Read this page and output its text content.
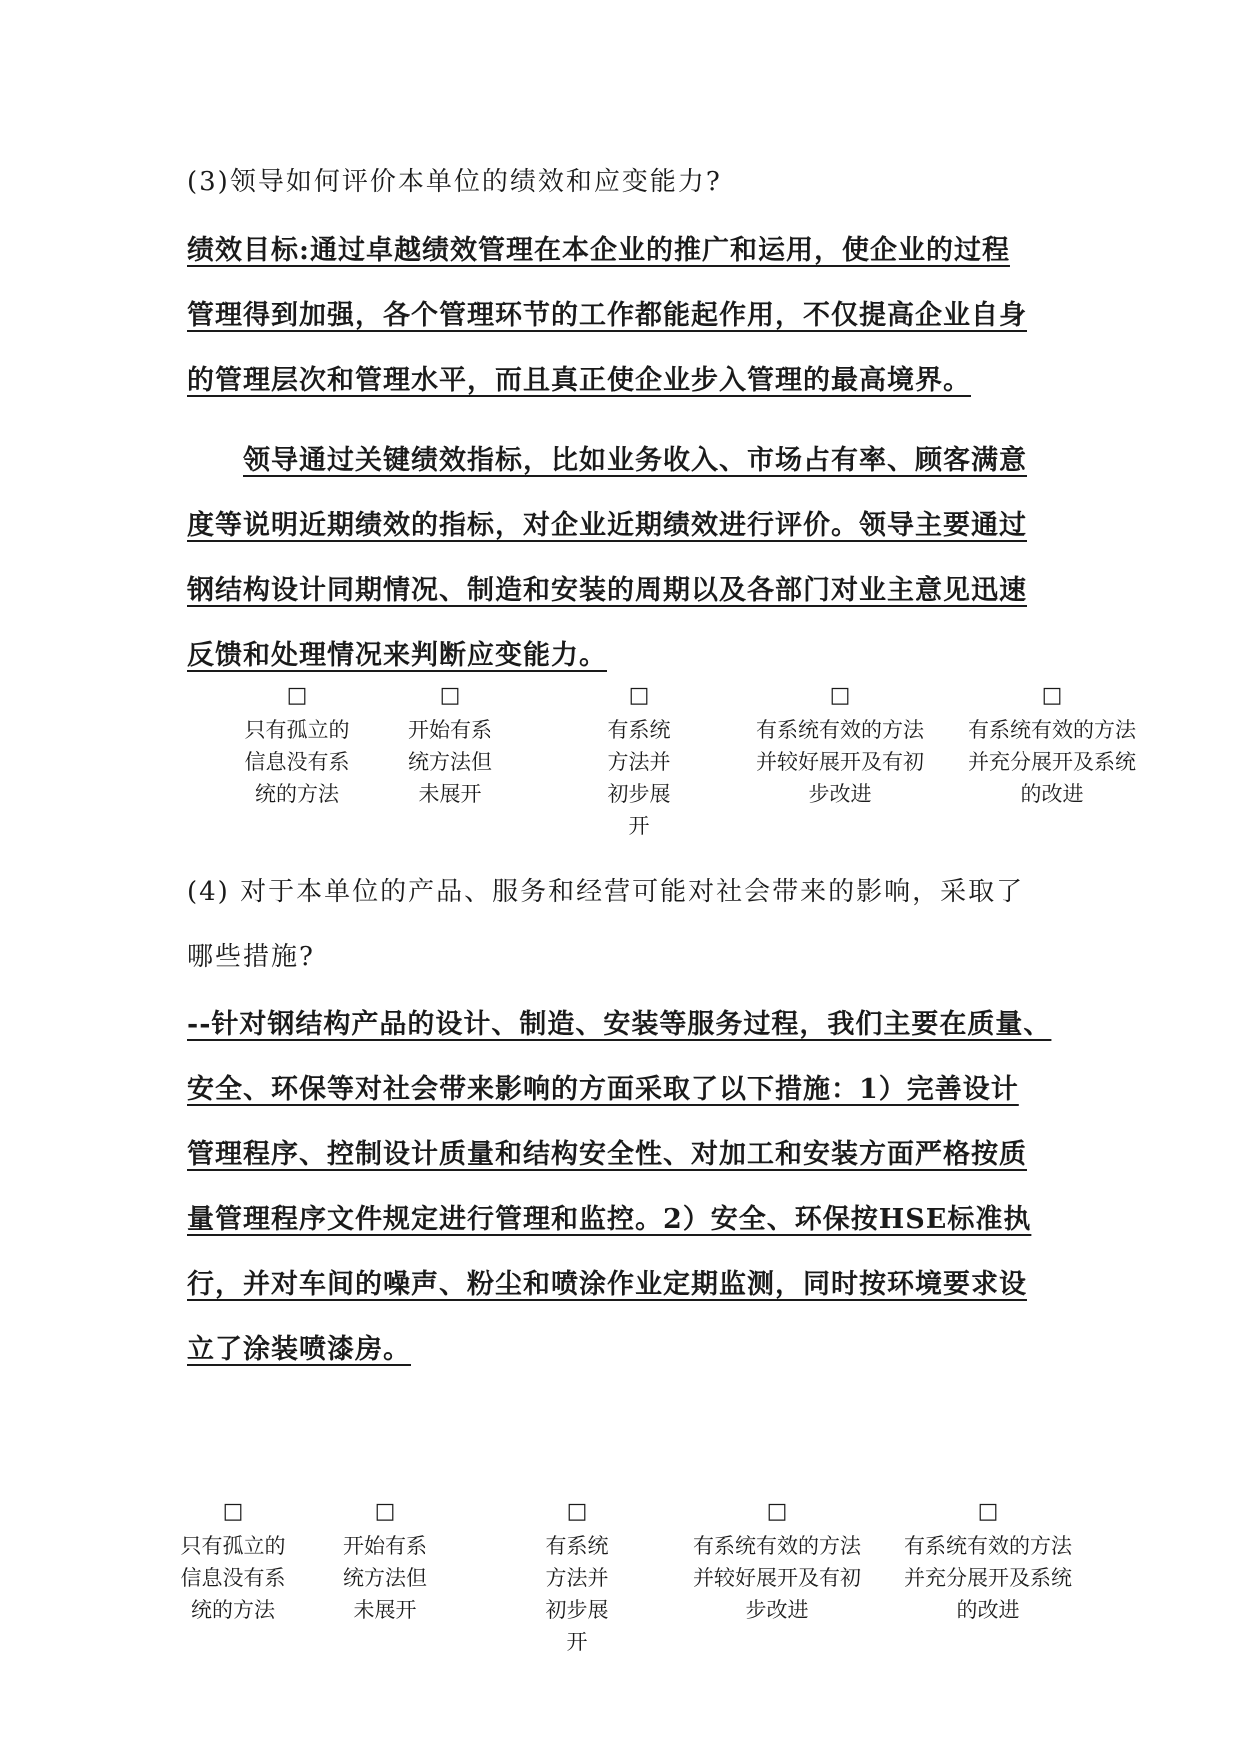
(3)领导如何评价本单位的绩效和应变能力?

绩效目标:通过卓越绩效管理在本企业的推广和运用，使企业的过程

管理得到加强，各个管理环节的工作都能起作用，不仅提高企业自身

的管理层次和管理水平，而且真正使企业步入管理的最高境界。

领导通过关键绩效指标，比如业务收入、市场占有率、顾客满意

度等说明近期绩效的指标，对企业近期绩效进行评价。领导主要通过

钢结构设计同期情况、制造和安装的周期以及各部门对业主意见迅速

反馈和处理情况来判断应变能力。

□
只有孤立的信息没有系统的方法
□
开始有系统方法但未展开
□
有系统方法并初步展开
□
有系统有效的方法并较好展开及有初步改进
□
有系统有效的方法并充分展开及系统的改进
(4) 对于本单位的产品、服务和经营可能对社会带来的影响，采取了
哪些措施?

--针对钢结构产品的设计、制造、安装等服务过程，我们主要在质量、

安全、环保等对社会带来影响的方面采取了以下措施：1）完善设计

管理程序、控制设计质量和结构安全性、对加工和安装方面严格按质

量管理程序文件规定进行管理和监控。2）安全、环保按HSE标准执

行，并对车间的噪声、粉尘和喷涂作业定期监测，同时按环境要求设

立了涂装喷漆房。

□
只有孤立的信息没有系统的方法
□
开始有系统方法但未展开
□
有系统方法并初步展开
□
有系统有效的方法并较好展开及有初步改进
□
有系统有效的方法并充分展开及系统的改进
